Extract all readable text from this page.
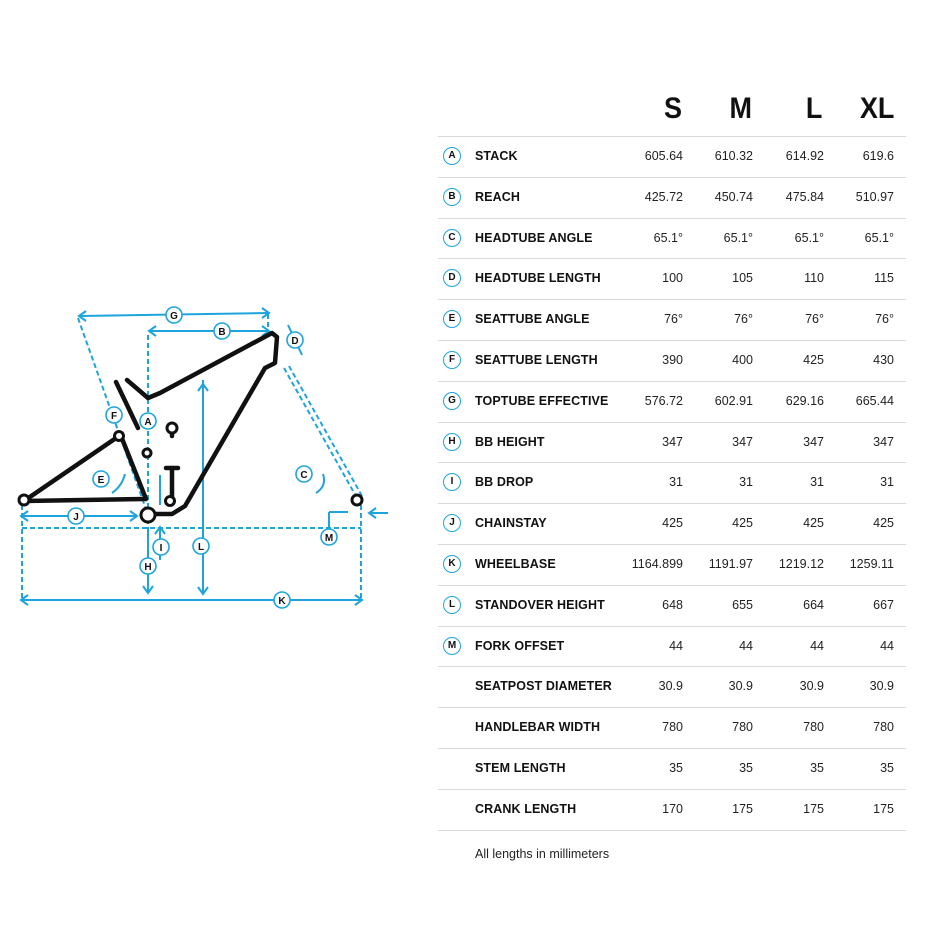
G
B
D
A
F
E	C
J
I	L
H
M
K
S M L XL
A	STACK	605.64	610.32	614.92	619.6
B	REACH	425.72	450.74	475.84	510.97
C	HEADTUBE ANGLE	65.1°	65.1°	65.1°	65.1°
D	HEADTUBE LENGTH	100	105	110	115
E	SEATTUBE ANGLE	76°	76°	76°	76°
F	SEATTUBE LENGTH	390	400	425	430
G	TOPTUBE EFFECTIVE	576.72	602.91	629.16	665.44
H	BB HEIGHT	347	347	347	347
I	BB DROP	31	31	31	31
J	CHAINSTAY	425	425	425	425
K	WHEELBASE	1164.899	1191.97	1219.12	1259.11
L	STANDOVER HEIGHT	648	655	664	667
M	FORK OFFSET	44	44	44	44
SEATPOST DIAMETER	30.9	30.9	30.9	30.9
HANDLEBAR WIDTH	780	780	780	780
STEM LENGTH	35	35	35	35
CRANK LENGTH	170	175	175	175
All lengths in millimeters
